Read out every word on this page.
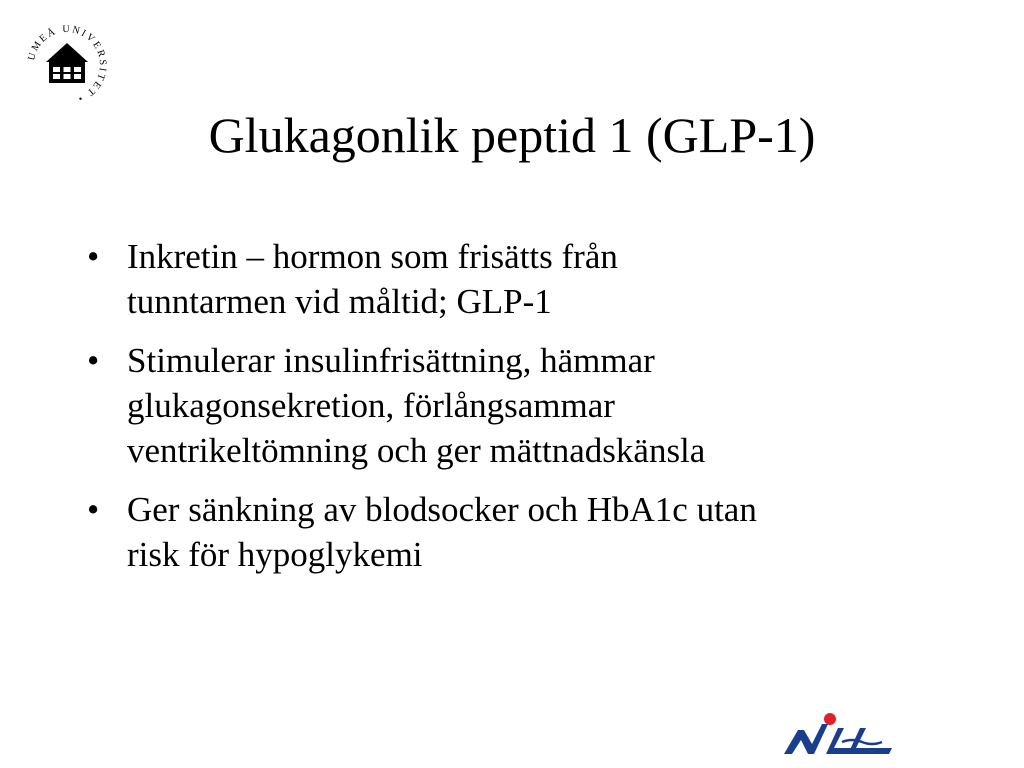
UMEÅ UNIVERSITET •
Glukagonlik peptid 1 (GLP-1)
• Inkretin – hormon som frisätts från
tunntarmen vid måltid; GLP-1
• Stimulerar insulinfrisättning, hämmar
glukagonsekretion, förlångsammar
ventrikeltömning och ger mättnadskänsla
• Ger sänkning av blodsocker och HbA1c utan
risk för hypoglykemi
